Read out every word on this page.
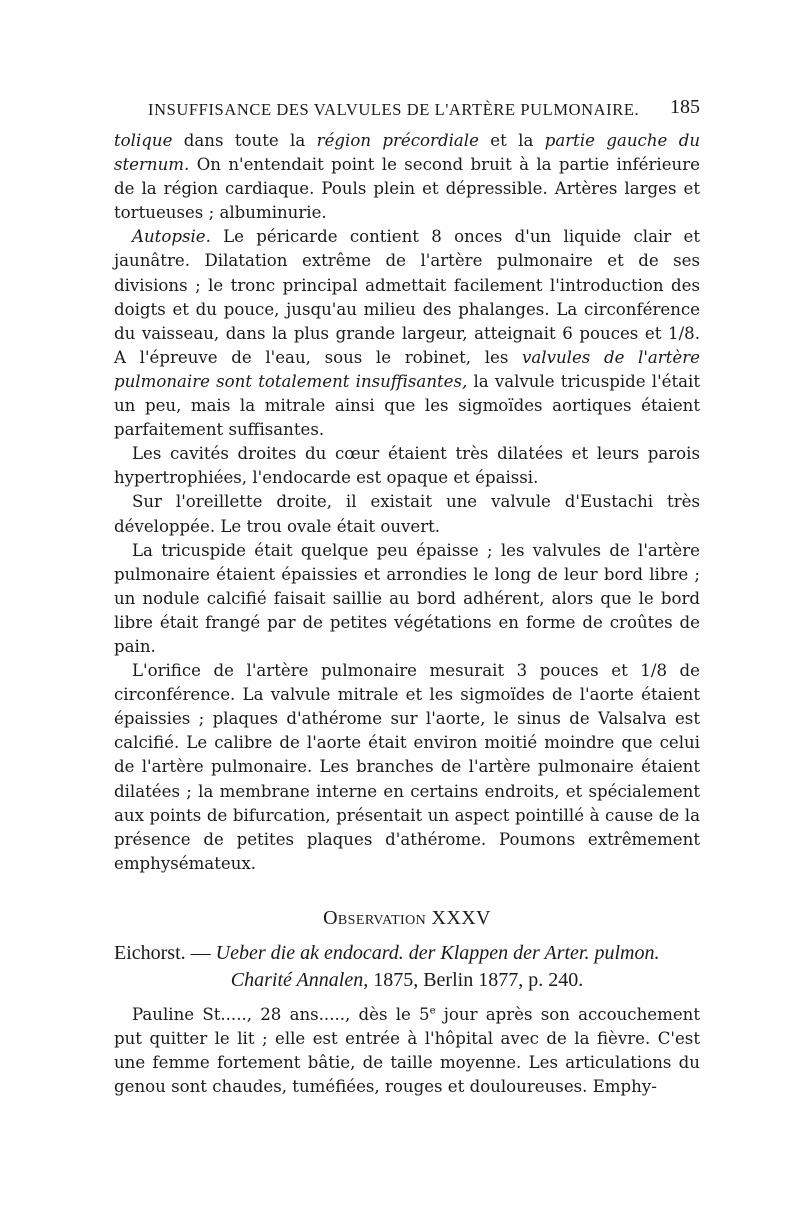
INSUFFISANCE DES VALVULES DE L'ARTÈRE PULMONAIRE. 185

tolique dans toute la région précordiale et la partie gauche du sternum. On n'entendait point le second bruit à la partie inférieure de la région cardiaque. Pouls plein et dépressible. Artères larges et tortueuses ; albuminurie.

Autopsie. Le péricarde contient 8 onces d'un liquide clair et jaunâtre. Dilatation extrême de l'artère pulmonaire et de ses divisions ; le tronc principal admettait facilement l'introduction des doigts et du pouce, jusqu'au milieu des phalanges. La circonférence du vaisseau, dans la plus grande largeur, atteignait 6 pouces et 1/8. A l'épreuve de l'eau, sous le robinet, les valvules de l'artère pulmonaire sont totalement insuffisantes, la valvule tricuspide l'était un peu, mais la mitrale ainsi que les sigmoïdes aortiques étaient parfaitement suffisantes.

Les cavités droites du cœur étaient très dilatées et leurs parois hypertrophiées, l'endocarde est opaque et épaissi.

Sur l'oreillette droite, il existait une valvule d'Eustachi très développée. Le trou ovale était ouvert.

La tricuspide était quelque peu épaisse ; les valvules de l'artère pulmonaire étaient épaissies et arrondies le long de leur bord libre ; un nodule calcifié faisait saillie au bord adhérent, alors que le bord libre était frangé par de petites végétations en forme de croûtes de pain.

L'orifice de l'artère pulmonaire mesurait 3 pouces et 1/8 de circonférence. La valvule mitrale et les sigmoïdes de l'aorte étaient épaissies ; plaques d'athérome sur l'aorte, le sinus de Valsalva est calcifié. Le calibre de l'aorte était environ moitié moindre que celui de l'artère pulmonaire. Les branches de l'artère pulmonaire étaient dilatées ; la membrane interne en certains endroits, et spécialement aux points de bifurcation, présentait un aspect pointillé à cause de la présence de petites plaques d'athérome. Poumons extrêmement emphysémateux.

Observation XXXV
Eichorst. — Ueber die ak endocard. der Klappen der Arter. pulmon.
Charité Annalen, 1875, Berlin 1877, p. 240.

Pauline St....., 28 ans....., dès le 5e jour après son accouchement put quitter le lit ; elle est entrée à l'hôpital avec de la fièvre. C'est une femme fortement bâtie, de taille moyenne. Les articulations du genou sont chaudes, tuméfiées, rouges et douloureuses. Emphy-
